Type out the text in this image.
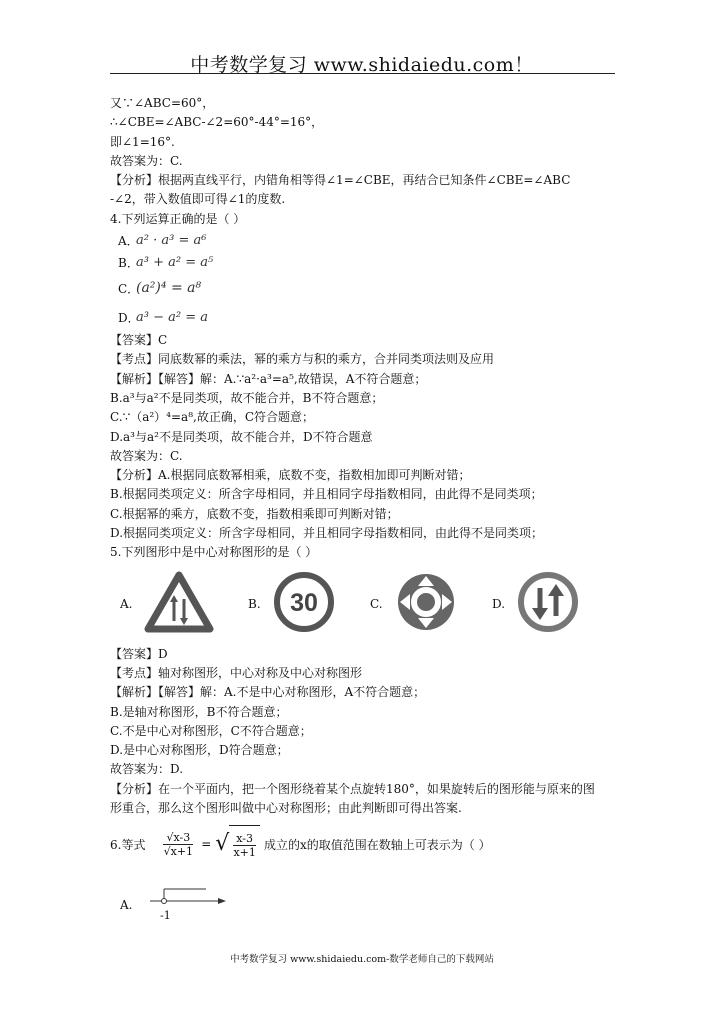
中考数学复习 www.shidaiedu.com！
又∵∠ABC=60°，
∴∠CBE=∠ABC-∠2=60°-44°=16°，
即∠1=16°.
故答案为：C.
【分析】根据两直线平行，内错角相等得∠1=∠CBE，再结合已知条件∠CBE=∠ABC
-∠2，带入数值即可得∠1的度数.
4.下列运算正确的是（ ）
A．
a² · a³ = a⁶
B．
a³ + a² = a⁵
C．
(a²)⁴ = a⁸
D．
a³ − a² = a
【答案】C
【考点】同底数幂的乘法，幂的乘方与积的乘方，合并同类项法则及应用
【解析】【解答】解：A.∵a²·a³=a⁵,故错误，A不符合题意；
B.a³与a²不是同类项，故不能合并，B不符合题意；
C.∵（a²）⁴=a⁸,故正确，C符合题意；
D.a³与a²不是同类项，故不能合并，D不符合题意
故答案为：C.
【分析】A.根据同底数幂相乘，底数不变，指数相加即可判断对错；
B.根据同类项定义：所含字母相同，并且相同字母指数相同，由此得不是同类项；
C.根据幂的乘方，底数不变，指数相乘即可判断对错；
D.根据同类项定义：所含字母相同，并且相同字母指数相同，由此得不是同类项；
5.下列图形中是中心对称图形的是（ ）
A.	B.	30	C.	D.
【答案】D
【考点】轴对称图形，中心对称及中心对称图形
【解析】【解答】解：A.不是中心对称图形，A不符合题意；
B.是轴对称图形，B不符合题意；
C.不是中心对称图形，C不符合题意；
D.是中心对称图形，D符合题意；
故答案为：D.
【分析】在一个平面内，把一个图形绕着某个点旋转180°，如果旋转后的图形能与原来的图
形重合，那么这个图形叫做中心对称图形；由此判断即可得出答案.
6.等式 $\frac{√x-3}{√x+1}$ = √ $\frac{x-3}{x+1}$ 成立的x的取值范围在数轴上可表示为（ ）
A.
-1
中考数学复习 www.shidaiedu.com-数学老师自己的下载网站
